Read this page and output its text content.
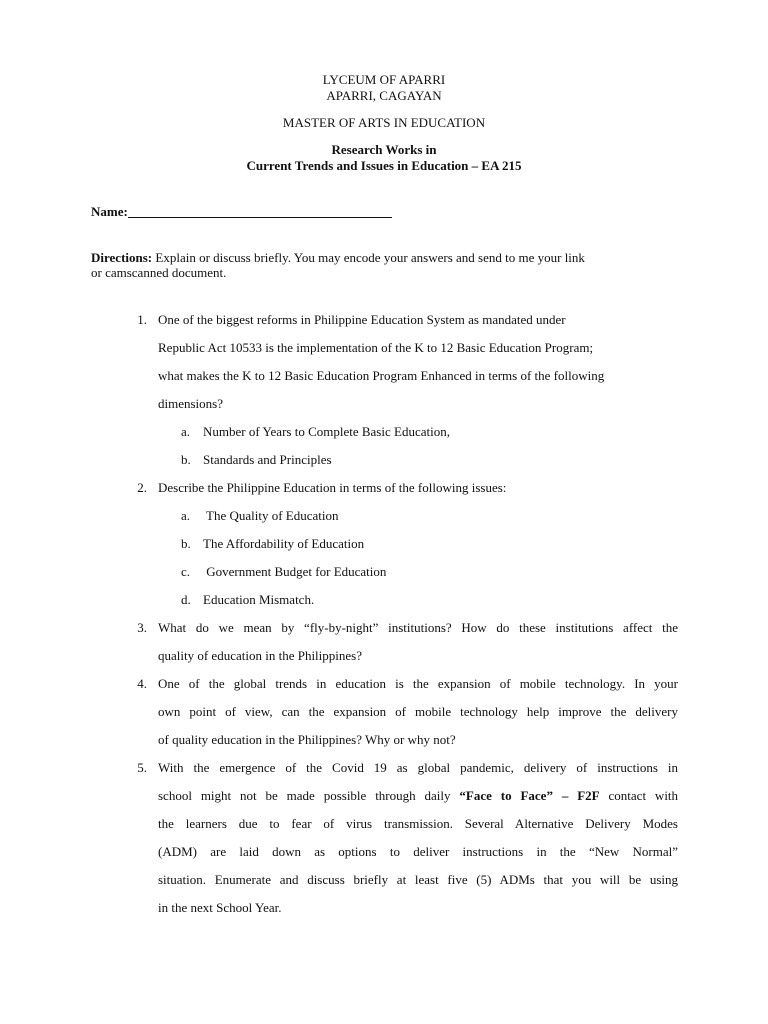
LYCEUM OF APARRI
APARRI, CAGAYAN
MASTER OF ARTS IN EDUCATION
Research Works in
Current Trends and Issues in Education – EA 215
Name:
Directions: Explain or discuss briefly. You may encode your answers and send to me your link
or camscanned document.
1. One of the biggest reforms in Philippine Education System as mandated under
Republic Act 10533 is the implementation of the K to 12 Basic Education Program;
what makes the K to 12 Basic Education Program Enhanced in terms of the following
dimensions?
a. Number of Years to Complete Basic Education,
b. Standards and Principles
2. Describe the Philippine Education in terms of the following issues:
a. The Quality of Education
b. The Affordability of Education
c. Government Budget for Education
d. Education Mismatch.
3. What do we mean by “fly-by-night” institutions? How do these institutions affect the
quality of education in the Philippines?
4. One of the global trends in education is the expansion of mobile technology. In your
own point of view, can the expansion of mobile technology help improve the delivery
of quality education in the Philippines? Why or why not?
5. With the emergence of the Covid 19 as global pandemic, delivery of instructions in
school might not be made possible through daily “Face to Face” – F2F contact with
the learners due to fear of virus transmission. Several Alternative Delivery Modes
(ADM) are laid down as options to deliver instructions in the “New Normal”
situation. Enumerate and discuss briefly at least five (5) ADMs that you will be using
in the next School Year.
